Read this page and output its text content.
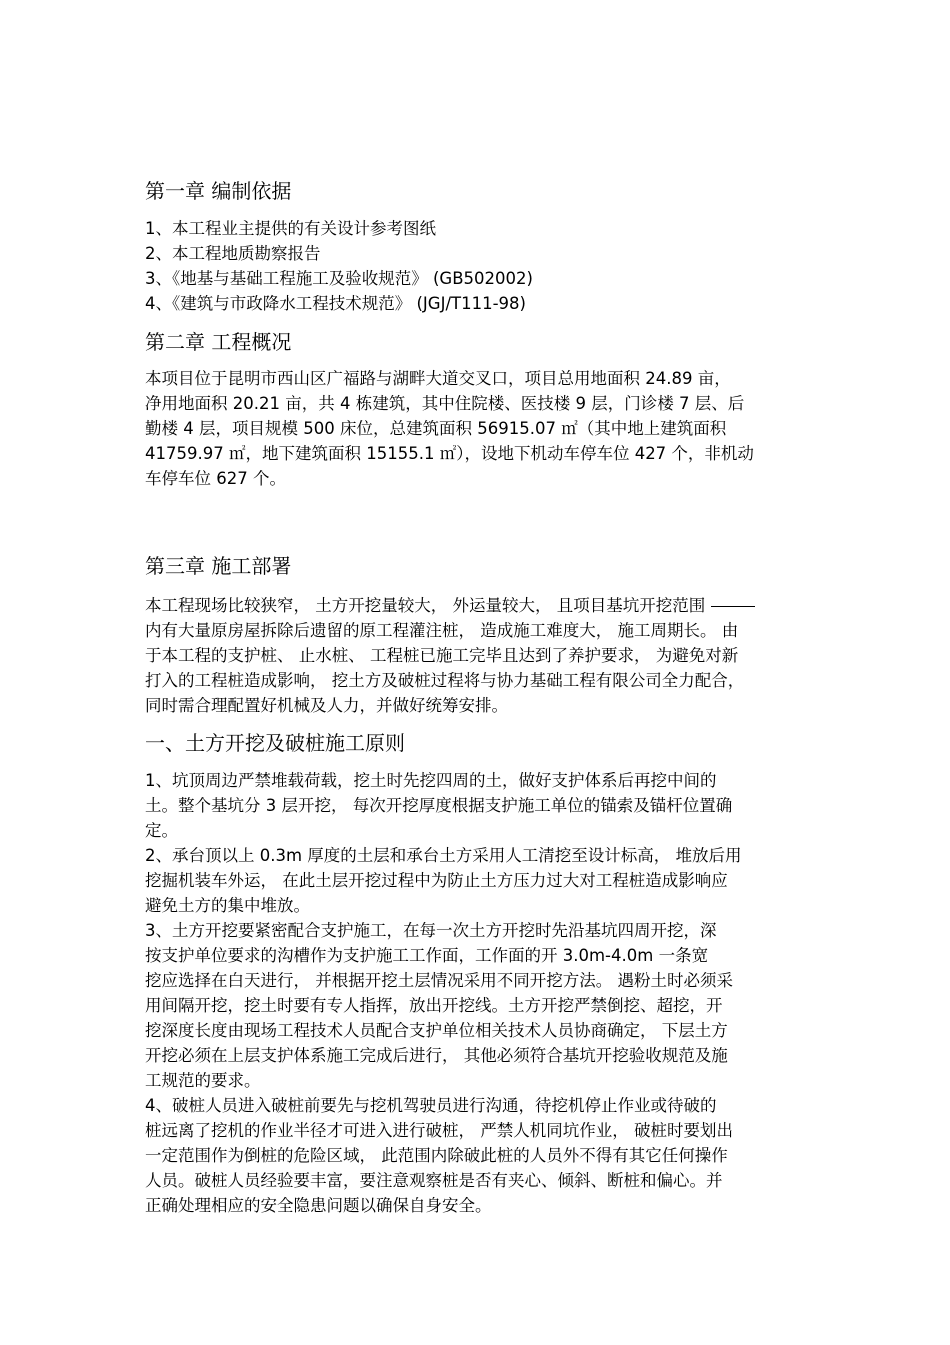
第一章 编制依据
1、本工程业主提供的有关设计参考图纸
2、本工程地质勘察报告
3、《地基与基础工程施工及验收规范》 (GB502002)
4、《建筑与市政降水工程技术规范》 (JGJ/T111-98)
第二章 工程概况
本项目位于昆明市西山区广福路与湖畔大道交叉口，项目总用地面积 24.89 亩，
净用地面积 20.21 亩，共 4 栋建筑，其中住院楼、医技楼 9 层，门诊楼 7 层、后
勤楼 4 层，项目规模 500 床位，总建筑面积 56915.07 ㎡（其中地上建筑面积
41759.97 ㎡，地下建筑面积 15155.1 ㎡），设地下机动车停车位 427 个，非机动
车停车位 627 个。
第三章 施工部署
本工程现场比较狭窄， 土方开挖量较大， 外运量较大， 且项目基坑开挖范围
内有大量原房屋拆除后遗留的原工程灌注桩， 造成施工难度大， 施工周期长。 由
于本工程的支护桩、 止水桩、 工程桩已施工完毕且达到了养护要求， 为避免对新
打入的工程桩造成影响， 挖土方及破桩过程将与协力基础工程有限公司全力配合，
同时需合理配置好机械及人力，并做好统筹安排。
一、土方开挖及破桩施工原则
1、坑顶周边严禁堆载荷载，挖土时先挖四周的土，做好支护体系后再挖中间的
土。整个基坑分 3 层开挖， 每次开挖厚度根据支护施工单位的锚索及锚杆位置确
定。
2、承台顶以上 0.3m 厚度的土层和承台土方采用人工清挖至设计标高， 堆放后用
挖掘机装车外运， 在此土层开挖过程中为防止土方压力过大对工程桩造成影响应
避免土方的集中堆放。
3、土方开挖要紧密配合支护施工，在每一次土方开挖时先沿基坑四周开挖，深
按支护单位要求的沟槽作为支护施工工作面，工作面的开 3.0m-4.0m 一条宽
挖应选择在白天进行， 并根据开挖土层情况采用不同开挖方法。 遇粉土时必须采
用间隔开挖，挖土时要有专人指挥，放出开挖线。土方开挖严禁倒挖、超挖，开
挖深度长度由现场工程技术人员配合支护单位相关技术人员协商确定， 下层土方
开挖必须在上层支护体系施工完成后进行， 其他必须符合基坑开挖验收规范及施
工规范的要求。
4、破桩人员进入破桩前要先与挖机驾驶员进行沟通，待挖机停止作业或待破的
桩远离了挖机的作业半径才可进入进行破桩， 严禁人机同坑作业， 破桩时要划出
一定范围作为倒桩的危险区域， 此范围内除破此桩的人员外不得有其它任何操作
人员。破桩人员经验要丰富，要注意观察桩是否有夹心、倾斜、断桩和偏心。并
正确处理相应的安全隐患问题以确保自身安全。
